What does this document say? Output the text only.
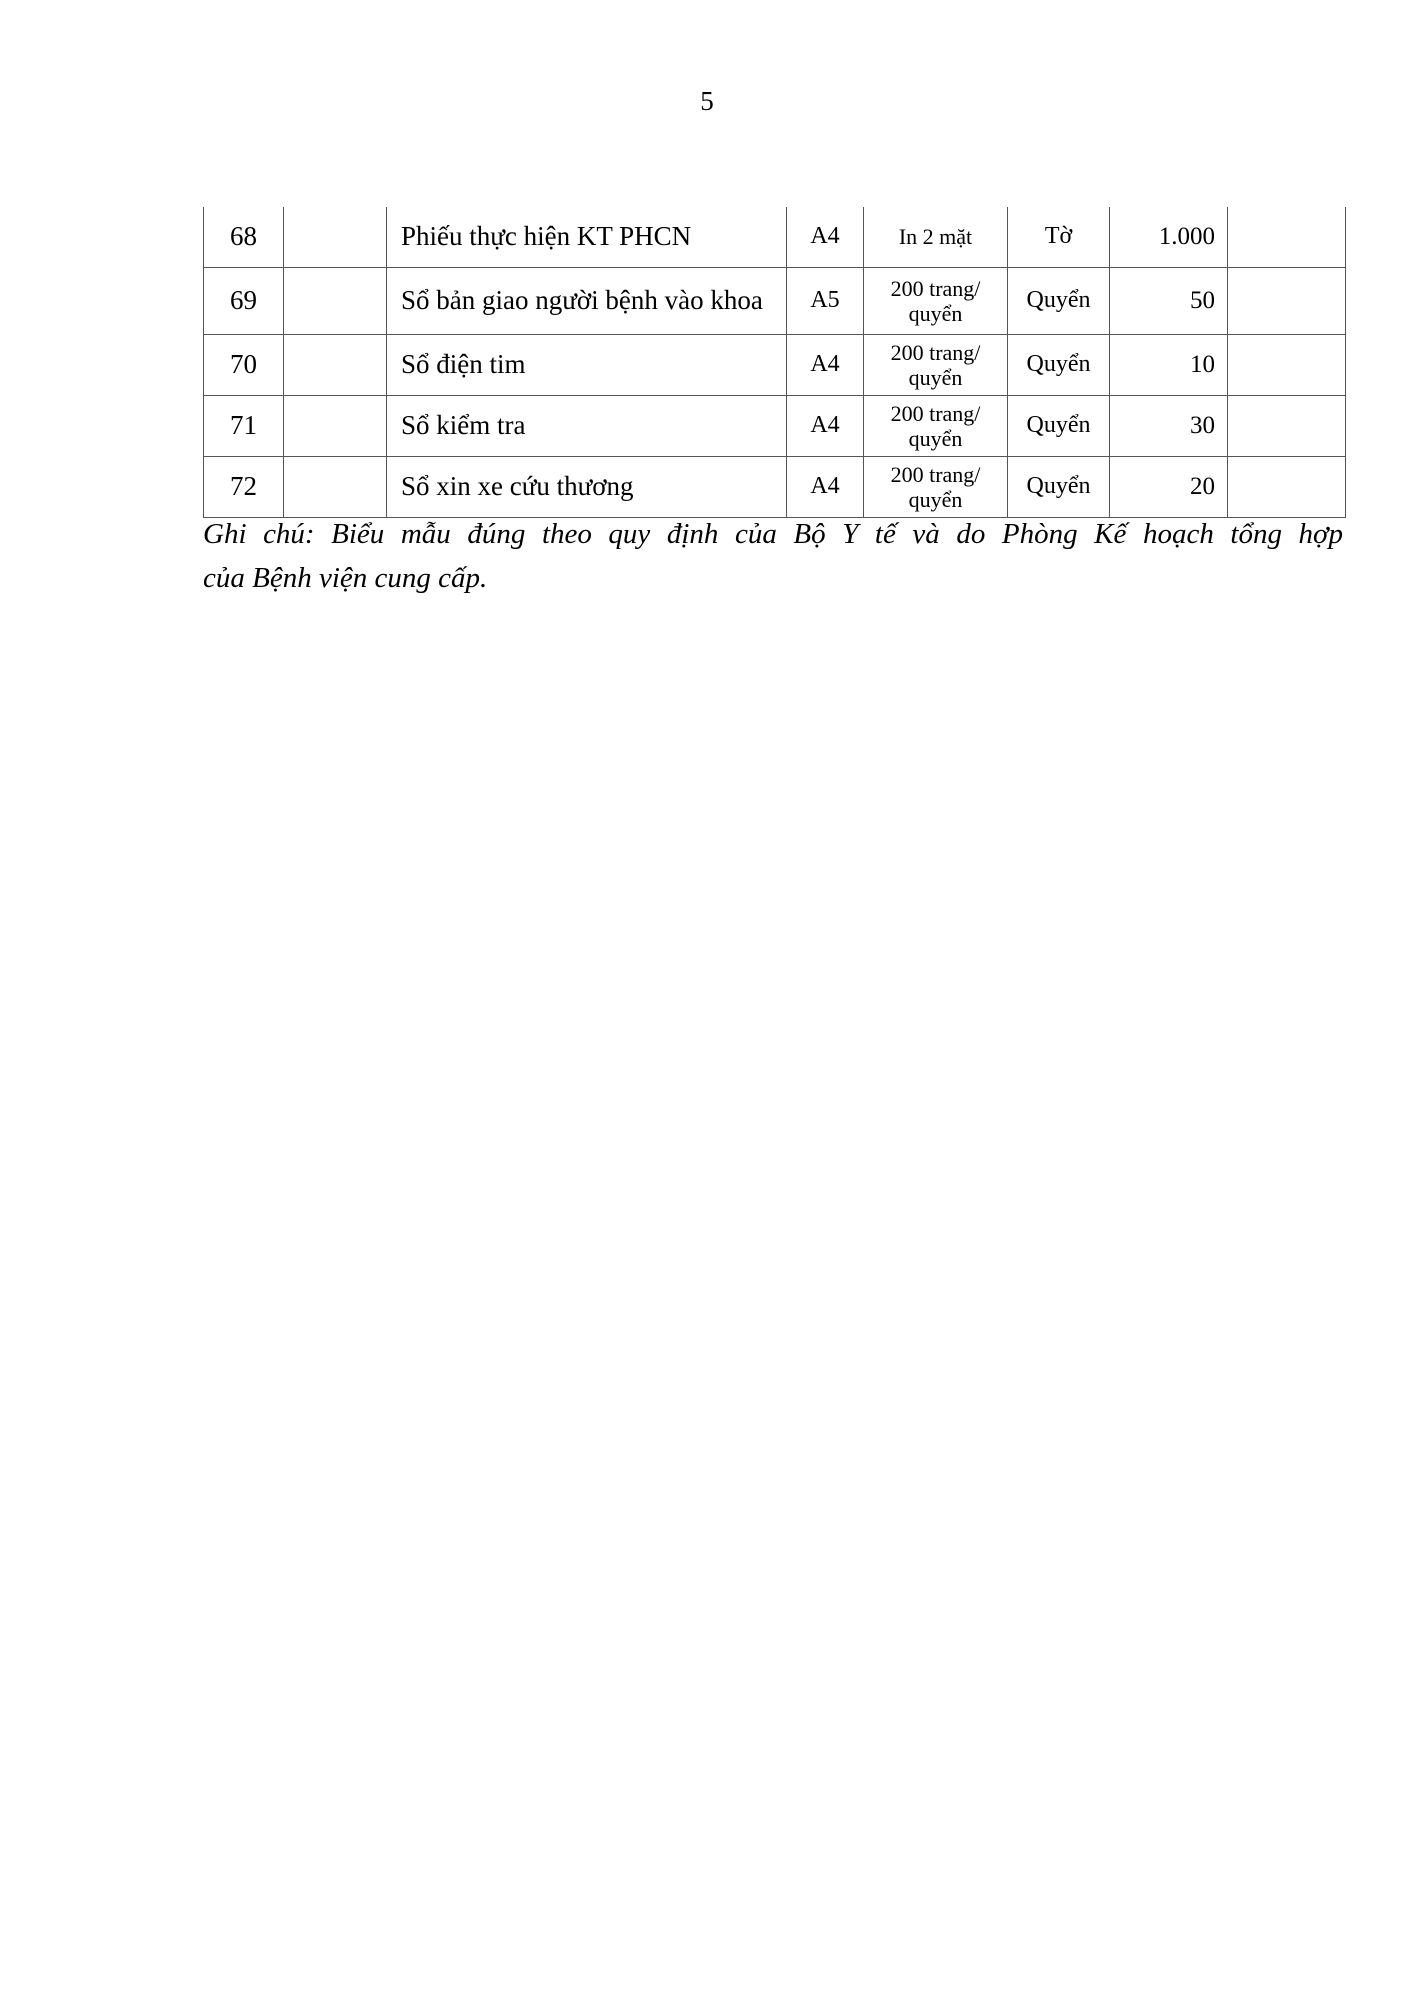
5
68		Phiếu thực hiện KT PHCN	A4	In 2 mặt	Tờ	1.000	
69		Sổ bản giao người bệnh vào khoa	A5	200 trang/ quyển	Quyển	50	
70		Sổ điện tim	A4	200 trang/ quyển	Quyển	10	
71		Sổ kiểm tra	A4	200 trang/ quyển	Quyển	30	
72		Sổ xin xe cứu thương	A4	200 trang/ quyển	Quyển	20	
Ghi chú: Biểu mẫu đúng theo quy định của Bộ Y tế và do Phòng Kế hoạch tổng hợp
của Bệnh viện cung cấp.
